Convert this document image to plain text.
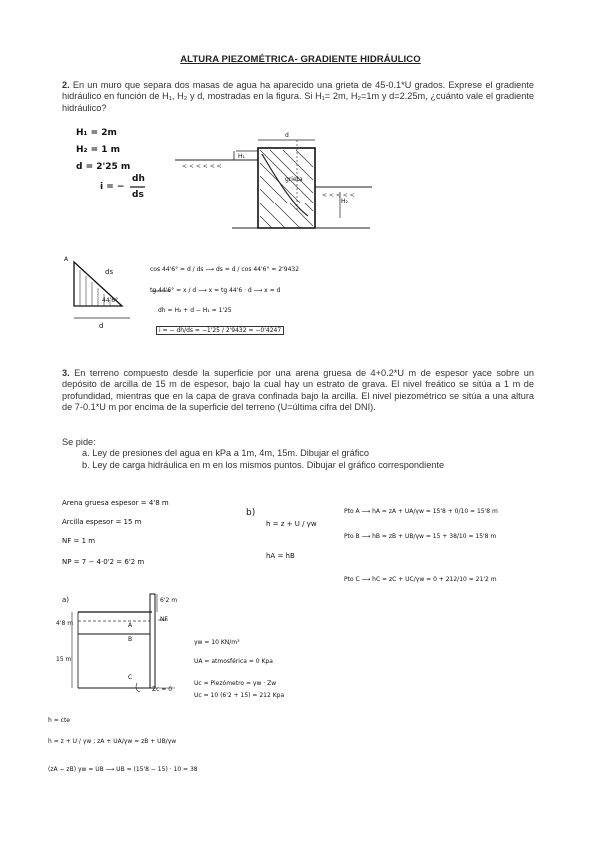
ALTURA PIEZOMÉTRICA- GRADIENTE HIDRÁULICO
2. En un muro que separa dos masas de agua ha aparecido una grieta de 45-0.1*U grados. Exprese el gradiente hidráulico en función de H₁, H₂ y d, mostradas en la figura. Si H₁= 2m, H₂=1m y d=2.25m, ¿cuánto vale el gradiente hidráulico?
H₁ = 2m
H₂ = 1 m
d = 2'25 m
i = −
dh
ds
< < < < < <
< < < < <
d
H₁
H₂
grieta
A
ds
44'6°
d
cos 44'6° = d / ds ⟶ ds = d / cos 44'6° = 2'9432
tg 44'6° = x / d ⟶ x = tg 44'6 · d ⟶ x = d
dh = H₂ + d − H₁ = 1'25
i = − dh/ds = −1'25 / 2'9432 = −0'4247
3. En terreno compuesto desde la superficie por una arena gruesa de 4+0.2*U m de espesor yace sobre un depósito de arcilla de 15 m de espesor, bajo la cual hay un estrato de grava. El nivel freático se sitúa a 1 m de profundidad, mientras que en la capa de grava confinada bajo la arcilla. El nivel piezométrico se sitúa a una altura de 7-0.1*U m por encima de la superficie del terreno (U=última cifra del DNI).
Se pide:
a. Ley de presiones del agua en kPa a 1m, 4m, 15m. Dibujar el gráfico
b. Ley de carga hidráulica en m en los mismos puntos. Dibujar el gráfico correspondiente
Arena gruesa espesor = 4'8 m
Arcilla espesor = 15 m
NF = 1 m
NP = 7 − 4·0'2 = 6'2 m
b)
h = z + U / γw
hA = hB
Pto A ⟶ hA = zA + UA/γw = 15'8 + 0/10 = 15'8 m
Pto B ⟶ hB = zB + UB/γw = 15 + 38/10 = 15'8 m
Pto C ⟶ hC = zC + UC/γw = 0 + 212/10 = 21'2 m
a)	6'2 m
NF
4'8 m
15 m
A
B
C
Zc = 0
γw = 10 KN/m³
UA = atmosférica = 0 Kpa
Uc = Piezómetro = γw · Zw
Uc = 10 (6'2 + 15) = 212 Kpa
h = cte
h = z + U / γw ; zA + UA/γw = zB + UB/γw
(zA − zB) γw = UB ⟶ UB = (15'8 − 15) · 10 = 38
